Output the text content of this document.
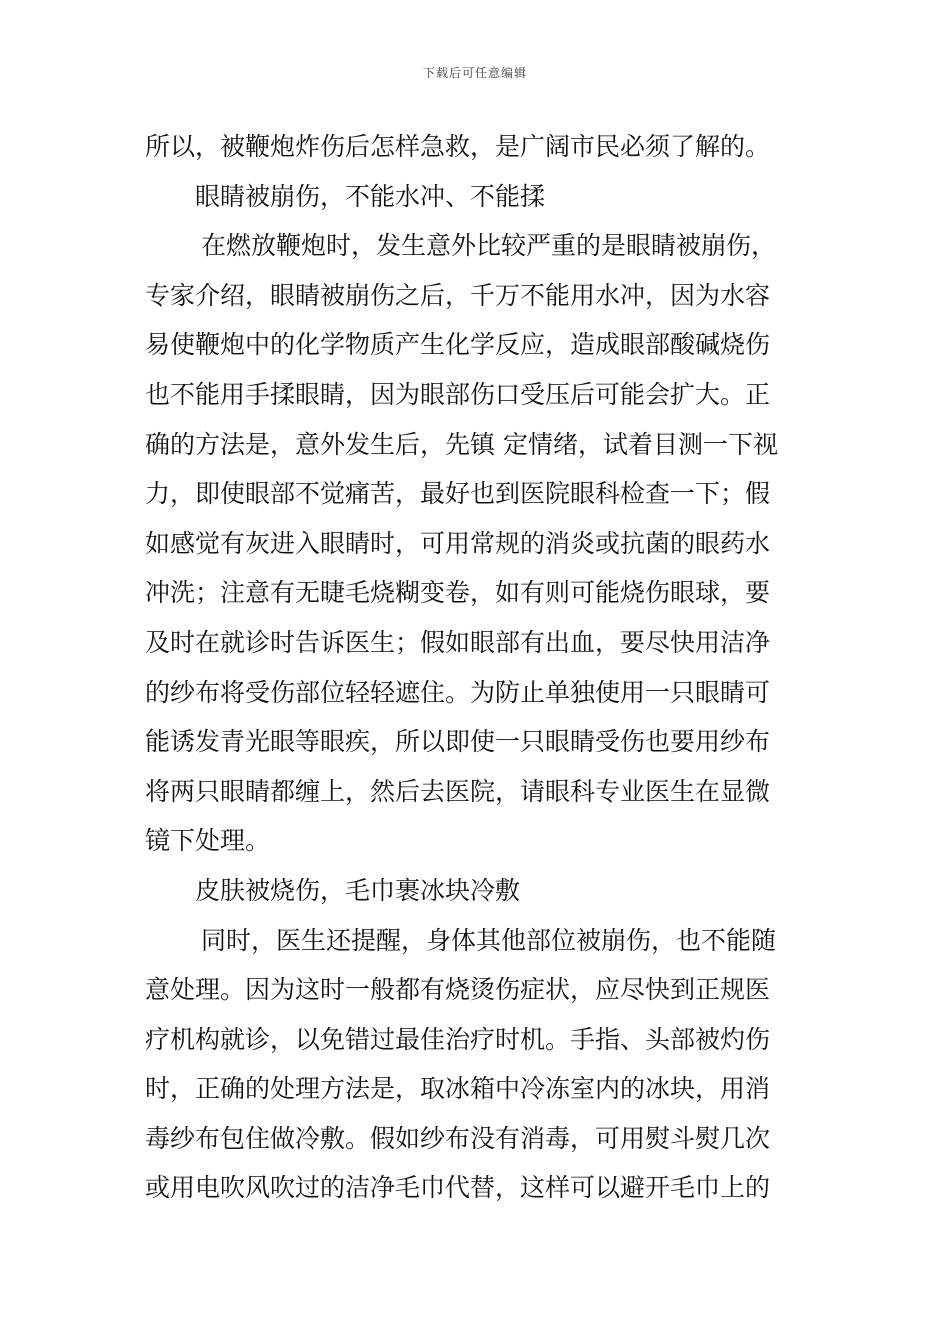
下载后可任意编辑
所以，被鞭炮炸伤后怎样急救，是广阔市民必须了解的。
眼睛被崩伤，不能水冲、不能揉
在燃放鞭炮时，发生意外比较严重的是眼睛被崩伤，
专家介绍，眼睛被崩伤之后，千万不能用水冲，因为水容
易使鞭炮中的化学物质产生化学反应，造成眼部酸碱烧伤
也不能用手揉眼睛，因为眼部伤口受压后可能会扩大。正
确的方法是，意外发生后，先镇 定情绪，试着目测一下视
力，即使眼部不觉痛苦，最好也到医院眼科检查一下；假
如感觉有灰进入眼睛时，可用常规的消炎或抗菌的眼药水
冲洗；注意有无睫毛烧糊变卷，如有则可能烧伤眼球，要
及时在就诊时告诉医生；假如眼部有出血，要尽快用洁净
的纱布将受伤部位轻轻遮住。为防止单独使用一只眼睛可
能诱发青光眼等眼疾，所以即使一只眼睛受伤也要用纱布
将两只眼睛都缠上，然后去医院，请眼科专业医生在显微
镜下处理。
皮肤被烧伤，毛巾裹冰块冷敷
同时，医生还提醒，身体其他部位被崩伤，也不能随
意处理。因为这时一般都有烧烫伤症状，应尽快到正规医
疗机构就诊，以免错过最佳治疗时机。手指、头部被灼伤
时，正确的处理方法是，取冰箱中冷冻室内的冰块，用消
毒纱布包住做冷敷。假如纱布没有消毒，可用熨斗熨几次
或用电吹风吹过的洁净毛巾代替，这样可以避开毛巾上的
